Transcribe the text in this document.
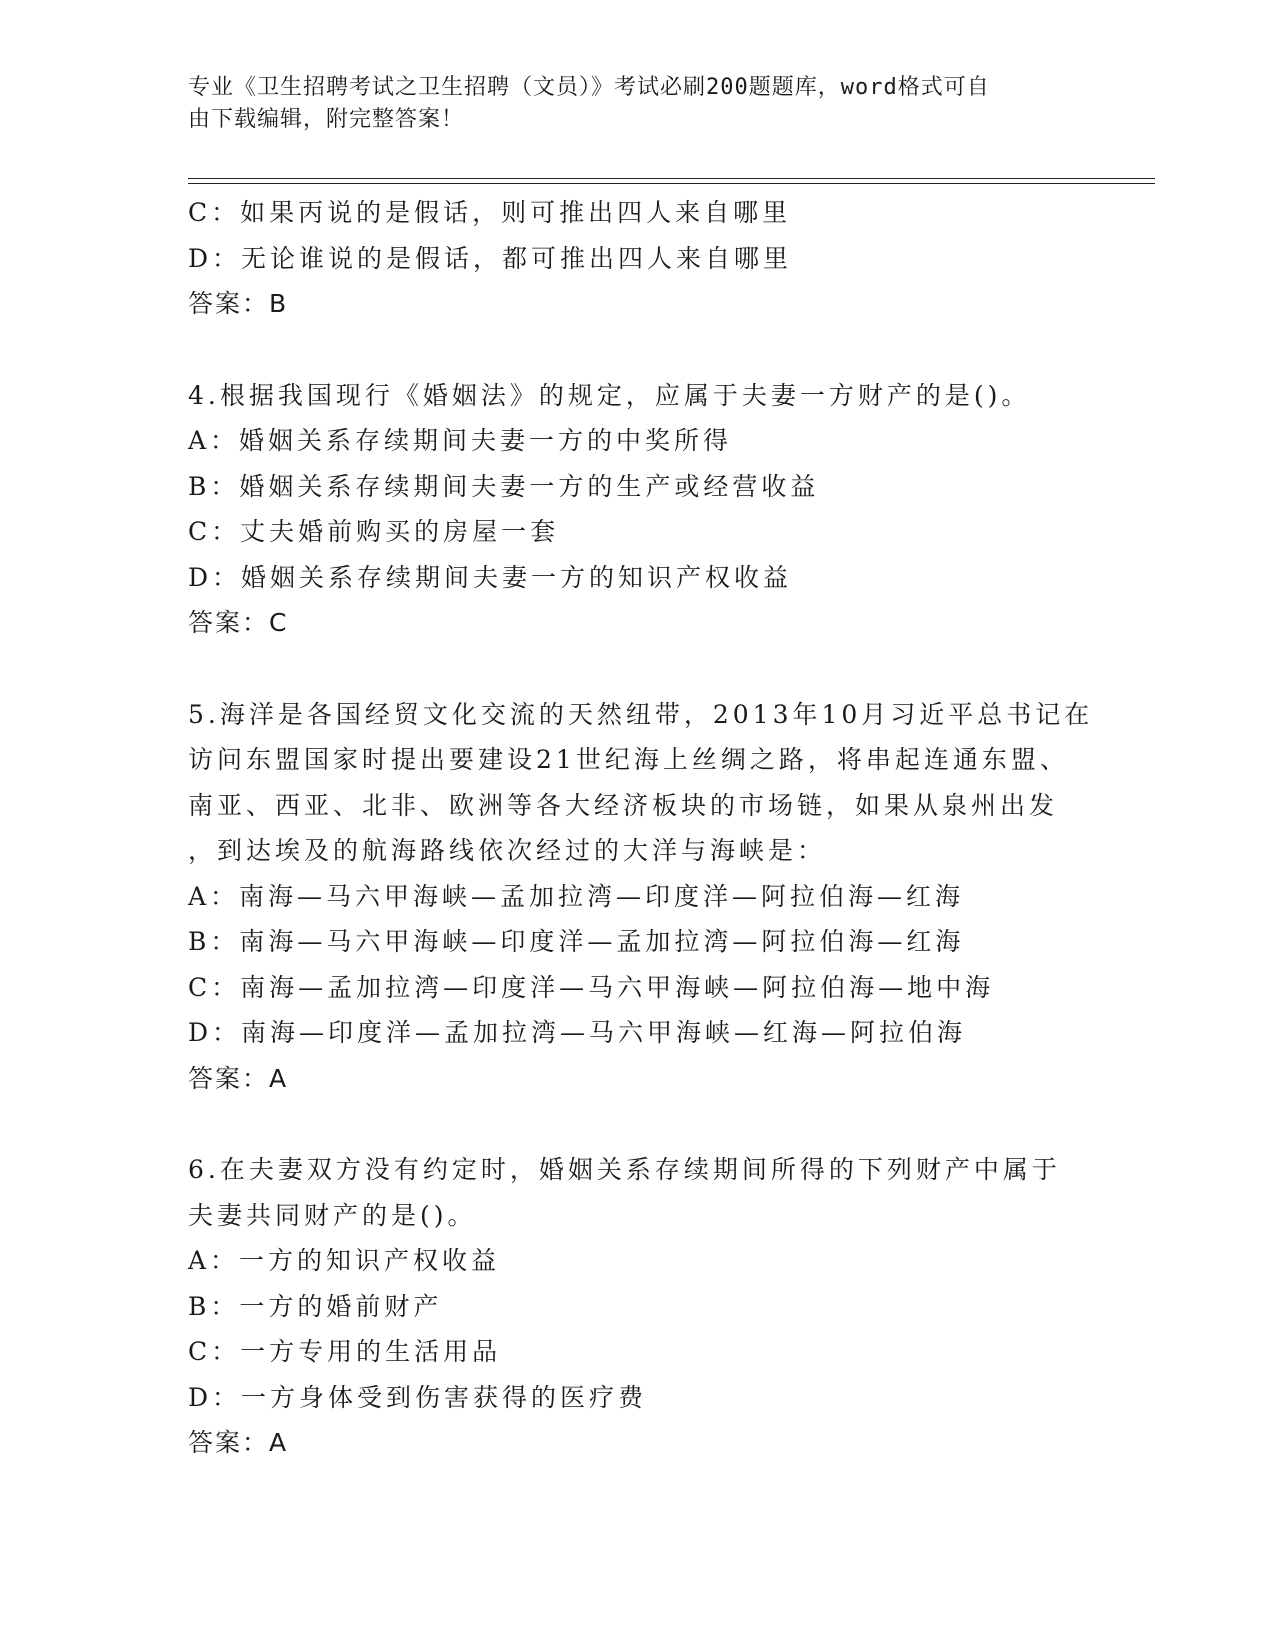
专业《卫生招聘考试之卫生招聘（文员）》考试必刷200题题库，word格式可自
由下载编辑，附完整答案！

C：如果丙说的是假话，则可推出四人来自哪里

D：无论谁说的是假话，都可推出四人来自哪里

答案：B

4.根据我国现行《婚姻法》的规定，应属于夫妻一方财产的是()。

A：婚姻关系存续期间夫妻一方的中奖所得

B：婚姻关系存续期间夫妻一方的生产或经营收益

C：丈夫婚前购买的房屋一套

D：婚姻关系存续期间夫妻一方的知识产权收益

答案：C

5.海洋是各国经贸文化交流的天然纽带，2013年10月习近平总书记在

访问东盟国家时提出要建设21世纪海上丝绸之路，将串起连通东盟、

南亚、西亚、北非、欧洲等各大经济板块的市场链，如果从泉州出发

，到达埃及的航海路线依次经过的大洋与海峡是：

A：南海—马六甲海峡—孟加拉湾—印度洋—阿拉伯海—红海

B：南海—马六甲海峡—印度洋—孟加拉湾—阿拉伯海—红海

C：南海—孟加拉湾—印度洋—马六甲海峡—阿拉伯海—地中海

D：南海—印度洋—孟加拉湾—马六甲海峡—红海—阿拉伯海

答案：A

6.在夫妻双方没有约定时，婚姻关系存续期间所得的下列财产中属于

夫妻共同财产的是()。

A：一方的知识产权收益

B：一方的婚前财产

C：一方专用的生活用品

D：一方身体受到伤害获得的医疗费

答案：A
